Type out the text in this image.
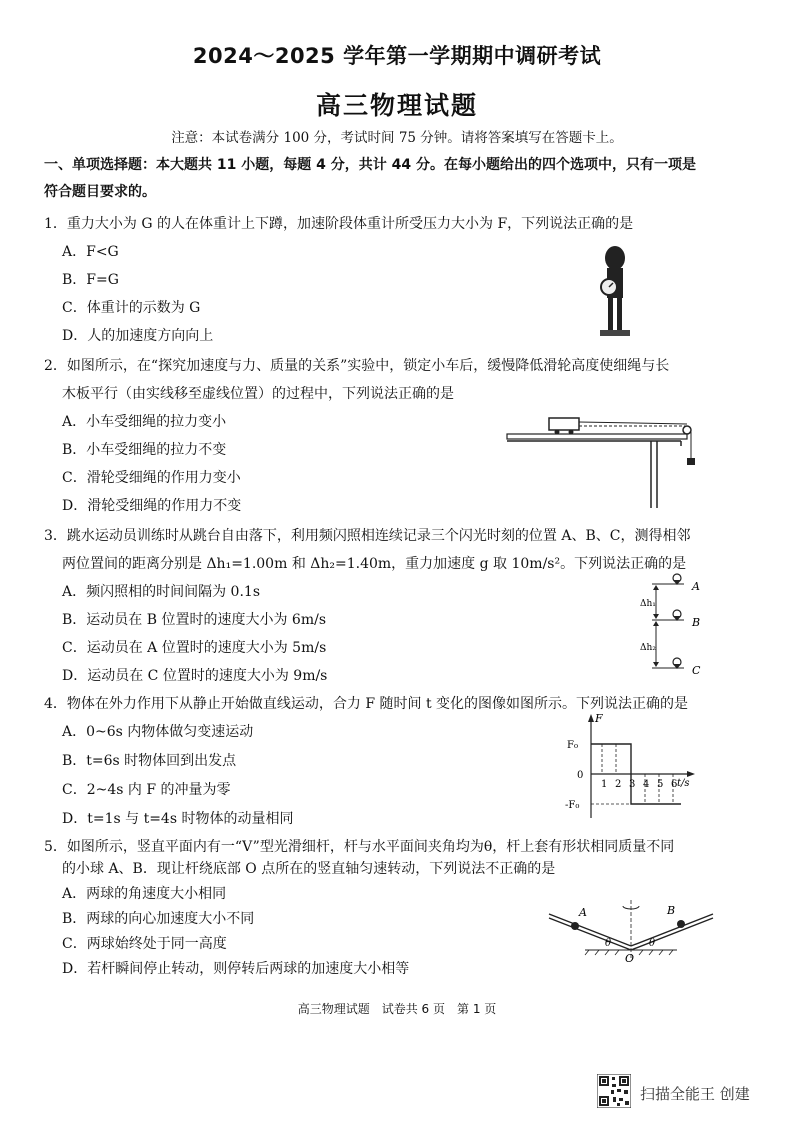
2024～2025 学年第一学期期中调研考试
高三物理试题
注意：本试卷满分 100 分，考试时间 75 分钟。请将答案填写在答题卡上。
一、单项选择题：本大题共 11 小题，每题 4 分，共计 44 分。在每小题给出的四个选项中，只有一项是
符合题目要求的。
1．重力大小为 G 的人在体重计上下蹲，加速阶段体重计所受压力大小为 F，下列说法正确的是
A．F<G
B．F=G
C．体重计的示数为 G
D．人的加速度方向向上
2．如图所示，在“探究加速度与力、质量的关系”实验中，锁定小车后，缓慢降低滑轮高度使细绳与长
木板平行（由实线移至虚线位置）的过程中，下列说法正确的是
A．小车受细绳的拉力变小
B．小车受细绳的拉力不变
C．滑轮受细绳的作用力变小
D．滑轮受细绳的作用力不变
3．跳水运动员训练时从跳台自由落下，利用频闪照相连续记录三个闪光时刻的位置 A、B、C，测得相邻
两位置间的距离分别是 Δh₁=1.00m 和 Δh₂=1.40m，重力加速度 g 取 10m/s²。下列说法正确的是
A．频闪照相的时间间隔为 0.1s
B．运动员在 B 位置时的速度大小为 6m/s
C．运动员在 A 位置时的速度大小为 5m/s
D．运动员在 C 位置时的速度大小为 9m/s
A
B
C
Δh₁
Δh₂
4．物体在外力作用下从静止开始做直线运动，合力 F 随时间 t 变化的图像如图所示。下列说法正确的是
A．0~6s 内物体做匀变速运动
B．t=6s 时物体回到出发点
C．2~4s 内 F 的冲量为零
D．t=1s 与 t=4s 时物体的动量相同
F
F₀
0
-F₀
t/s
1 2 3 4 5 6
5．如图所示，竖直平面内有一“V”型光滑细杆，杆与水平面间夹角均为θ，杆上套有形状相同质量不同
的小球 A、B．现让杆绕底部 O 点所在的竖直轴匀速转动，下列说法不正确的是
A．两球的角速度大小相同
B．两球的向心加速度大小不同
C．两球始终处于同一高度
D．若杆瞬间停止转动，则停转后两球的加速度大小相等
A	B
O
θ	θ
高三物理试题　试卷共 6 页　第 1 页
扫描全能王 创建
